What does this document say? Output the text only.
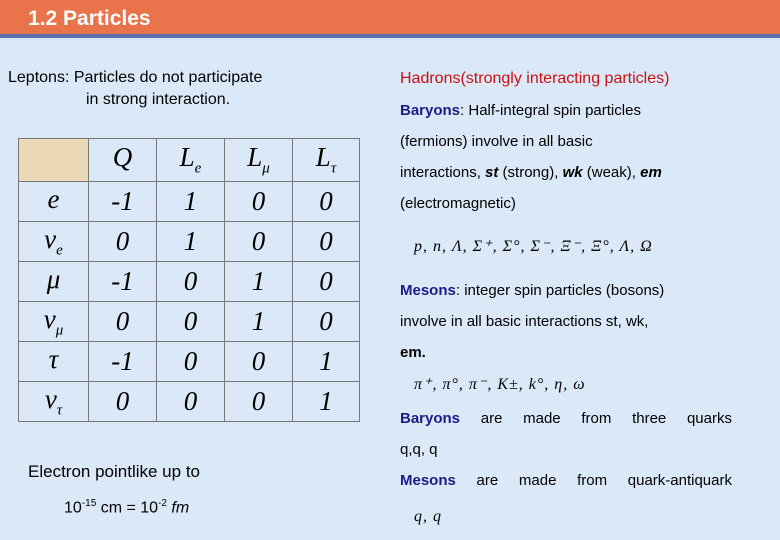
1.2 Particles
Leptons: Particles do not participate
in strong interaction.
	Q	$L_e$	$L_\mu$	$L_\tau$
e	-1	1	0	0
$\nu_e$	0	1	0	0
μ	-1	0	1	0
$\nu_\mu$	0	0	1	0
τ	-1	0	0	1
$\nu_\tau$	0	0	0	1
Electron pointlike up to
$10^{-15}$ cm = $10^{-2}$ fm
Hadrons(strongly interacting particles)
Baryons: Half-integral spin particles
(fermions) involve in all basic
interactions, st (strong), wk (weak), em
(electromagnetic)
p, n, Λ, Σ⁺, Σ°, Σ⁻, Ξ⁻, Ξ°, Λ, Ω
Mesons: integer spin particles (bosons)
involve in all basic interactions st, wk,
em.
π⁺, π°, π⁻, K±, k°, η, ω
Baryons are made from three quarks
q,q, q
Mesons are made from quark-antiquark
q, q
